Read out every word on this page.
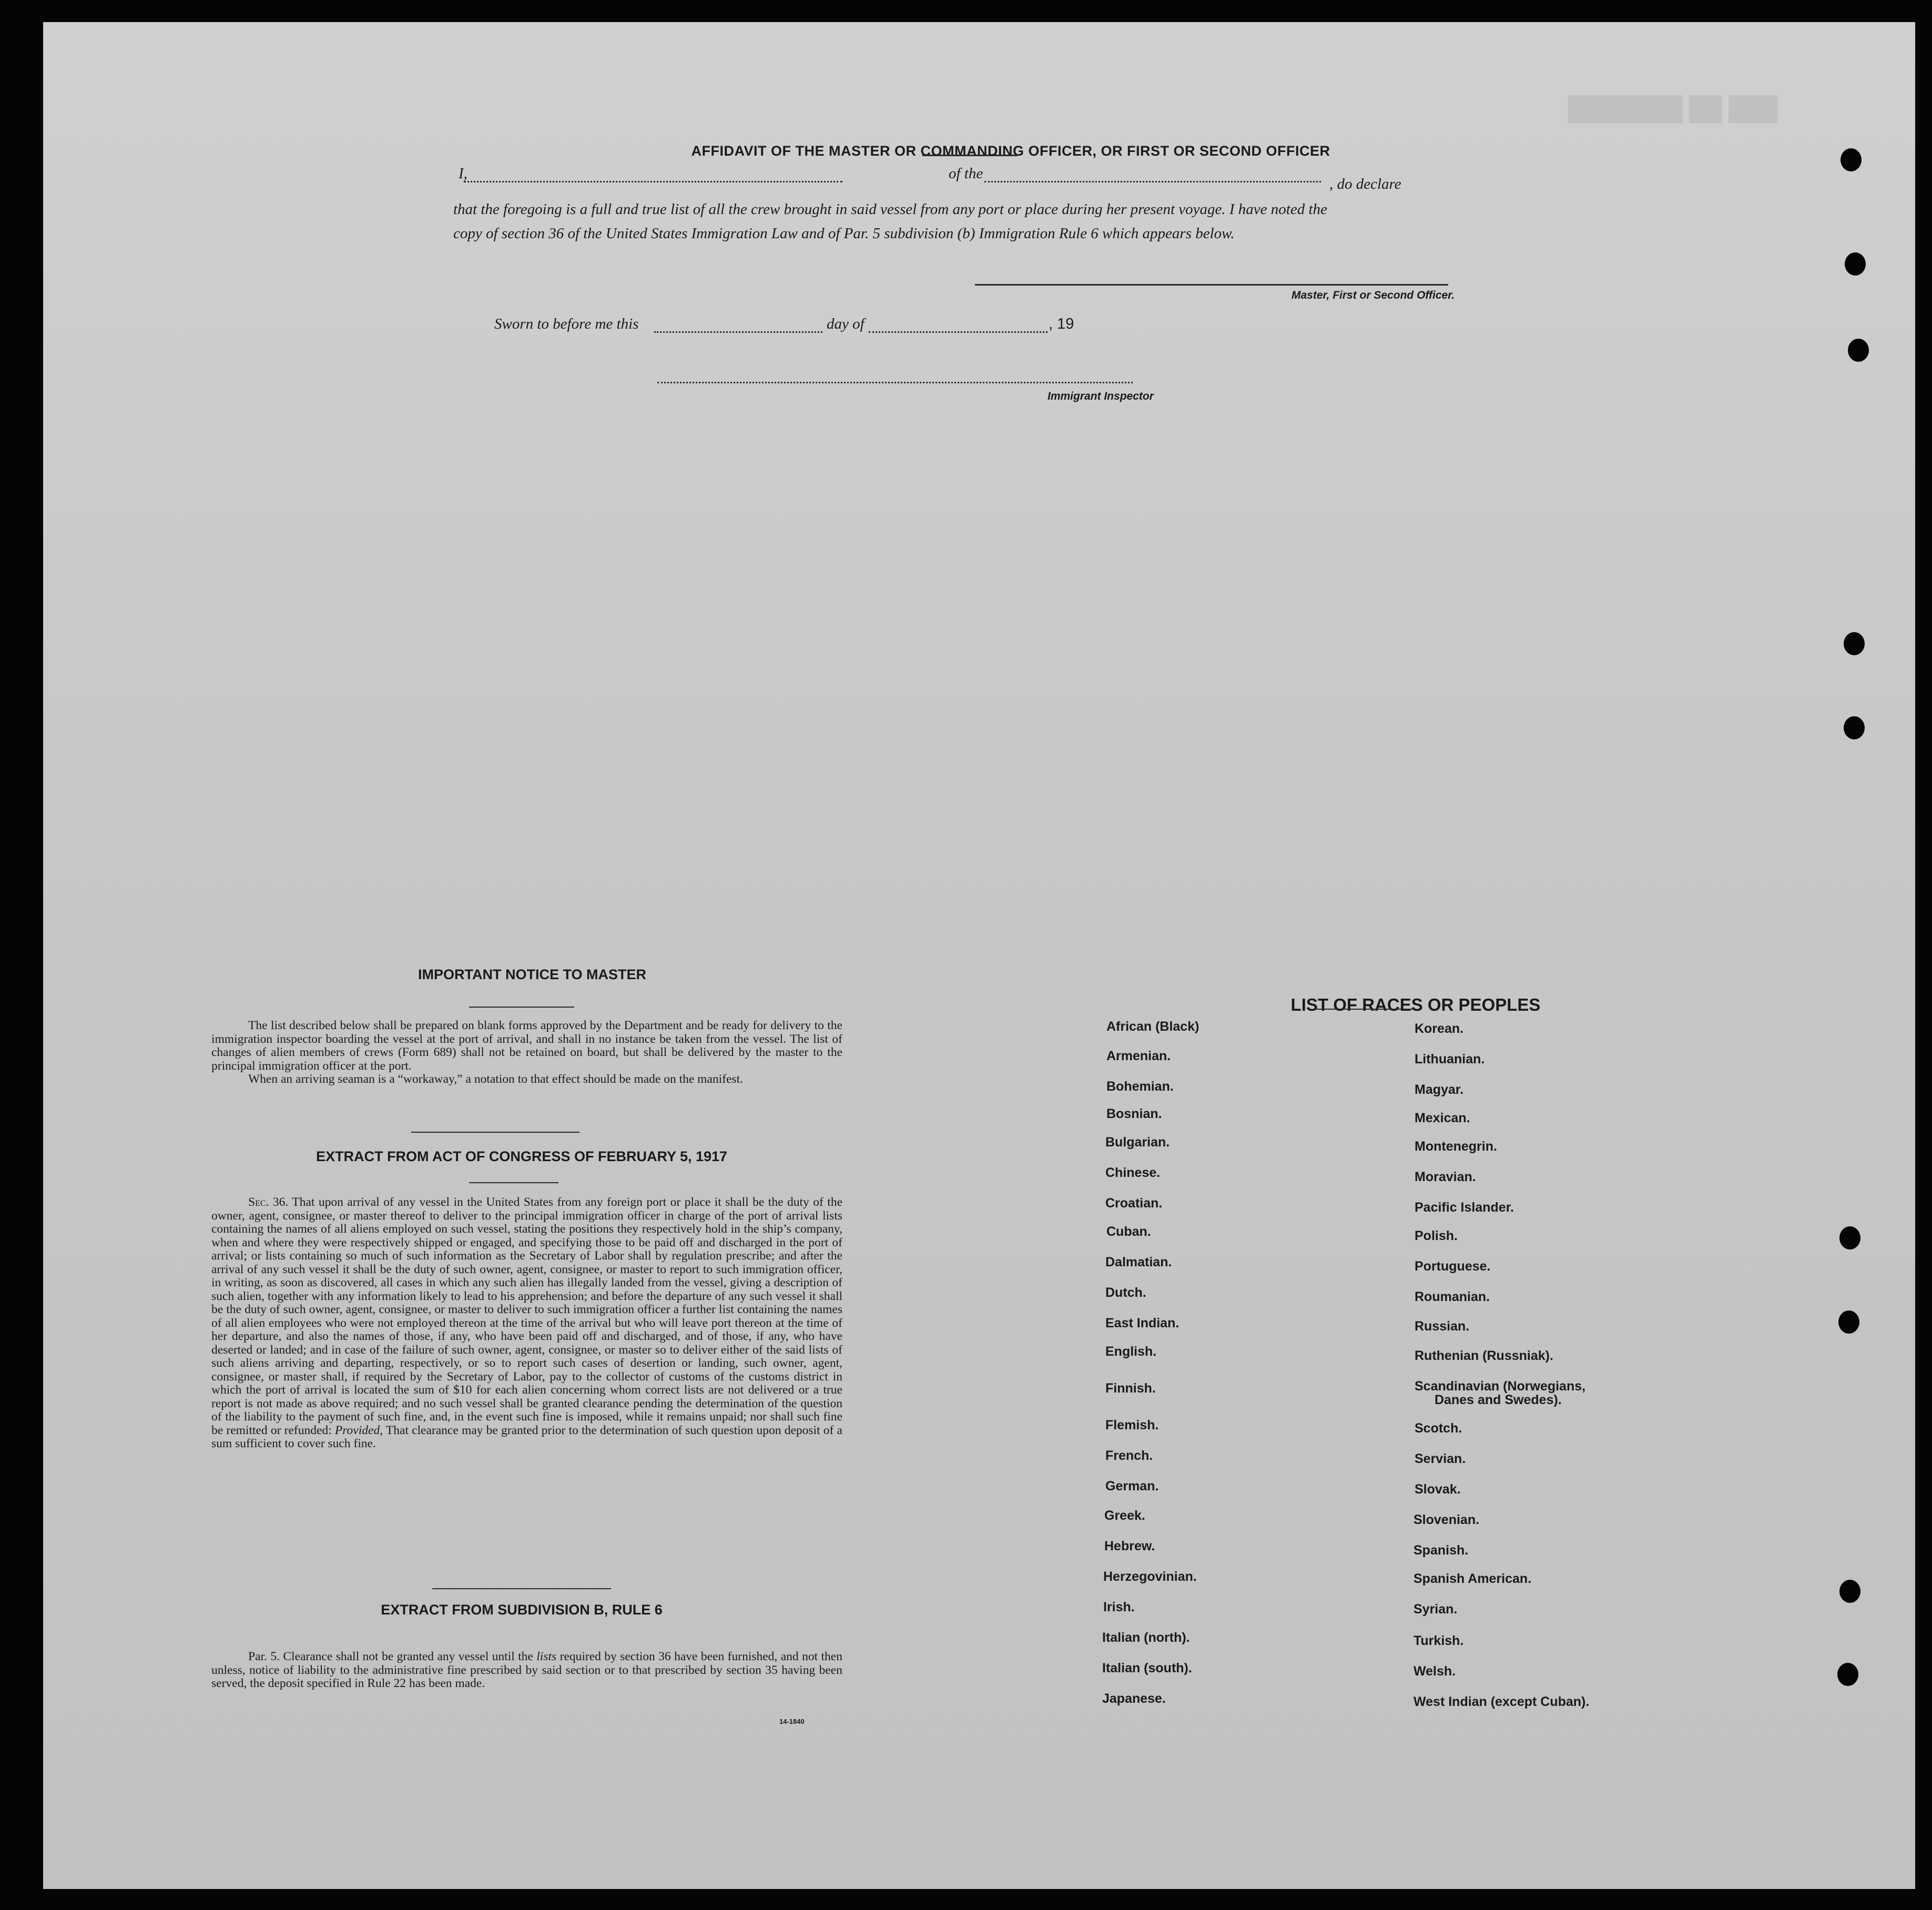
███ ██ ███████
AFFIDAVIT OF THE MASTER OR COMMANDING OFFICER, OR FIRST OR SECOND OFFICER
I,	of the
, do declare
that the foregoing is a full and true list of all the crew brought in said vessel from any port or place during her present voyage. I have noted the
copy of section 36 of the United States Immigration Law and of Par. 5 subdivision (b) Immigration Rule 6 which appears below.
Master, First or Second Officer.
Sworn to before me this	day of	, 19
Immigrant Inspector
IMPORTANT NOTICE TO MASTER

The list described below shall be prepared on blank forms approved by the Department and be ready for delivery to the immigration inspector boarding the vessel at the port of arrival, and shall in no instance be taken from the vessel. The list of changes of alien members of crews (Form 689) shall not be retained on board, but shall be delivered by the master to the principal immigration officer at the port.

When an arriving seaman is a “workaway,” a notation to that effect should be made on the manifest.

EXTRACT FROM ACT OF CONGRESS OF FEBRUARY 5, 1917

Sec. 36. That upon arrival of any vessel in the United States from any foreign port or place it shall be the duty of the owner, agent, consignee, or master thereof to deliver to the principal immigration officer in charge of the port of arrival lists containing the names of all aliens employed on such vessel, stating the positions they respectively hold in the ship’s company, when and where they were respectively shipped or engaged, and specifying those to be paid off and discharged in the port of arrival; or lists containing so much of such information as the Secretary of Labor shall by regulation prescribe; and after the arrival of any such vessel it shall be the duty of such owner, agent, consignee, or master to report to such immigration officer, in writing, as soon as discovered, all cases in which any such alien has illegally landed from the vessel, giving a description of such alien, together with any information likely to lead to his apprehension; and before the departure of any such vessel it shall be the duty of such owner, agent, consignee, or master to deliver to such immigration officer a further list containing the names of all alien employees who were not employed thereon at the time of the arrival but who will leave port thereon at the time of her departure, and also the names of those, if any, who have been paid off and discharged, and of those, if any, who have deserted or landed; and in case of the failure of such owner, agent, consignee, or master so to deliver either of the said lists of such aliens arriving and departing, respectively, or so to report such cases of desertion or landing, such owner, agent, consignee, or master shall, if required by the Secretary of Labor, pay to the collector of customs of the customs district in which the port of arrival is located the sum of $10 for each alien concerning whom correct lists are not delivered or a true report is not made as above required; and no such vessel shall be granted clearance pending the determination of the question of the liability to the payment of such fine, and, in the event such fine is imposed, while it remains unpaid; nor shall such fine be remitted or refunded: Provided, That clearance may be granted prior to the determination of such question upon deposit of a sum sufficient to cover such fine.

EXTRACT FROM SUBDIVISION B, RULE 6

Par. 5. Clearance shall not be granted any vessel until the lists required by section 36 have been furnished, and not then unless, notice of liability to the administrative fine prescribed by said section or to that prescribed by section 35 having been served, the deposit specified in Rule 22 has been made.

14-1840
LIST OF RACES OR PEOPLES
African (Black)
Armenian.
Bohemian.
Bosnian.
Bulgarian.
Chinese.
Croatian.
Cuban.
Dalmatian.
Dutch.
East Indian.
English.
Finnish.
Flemish.
French.
German.
Greek.
Hebrew.
Herzegovinian.
Irish.
Italian (north).
Italian (south).
Japanese.
Korean.
Lithuanian.
Magyar.
Mexican.
Montenegrin.
Moravian.
Pacific Islander.
Polish.
Portuguese.
Roumanian.
Russian.
Ruthenian (Russniak).
Scandinavian (Norwegians,
Danes and Swedes).
Scotch.
Servian.
Slovak.
Slovenian.
Spanish.
Spanish American.
Syrian.
Turkish.
Welsh.
West Indian (except Cuban).
